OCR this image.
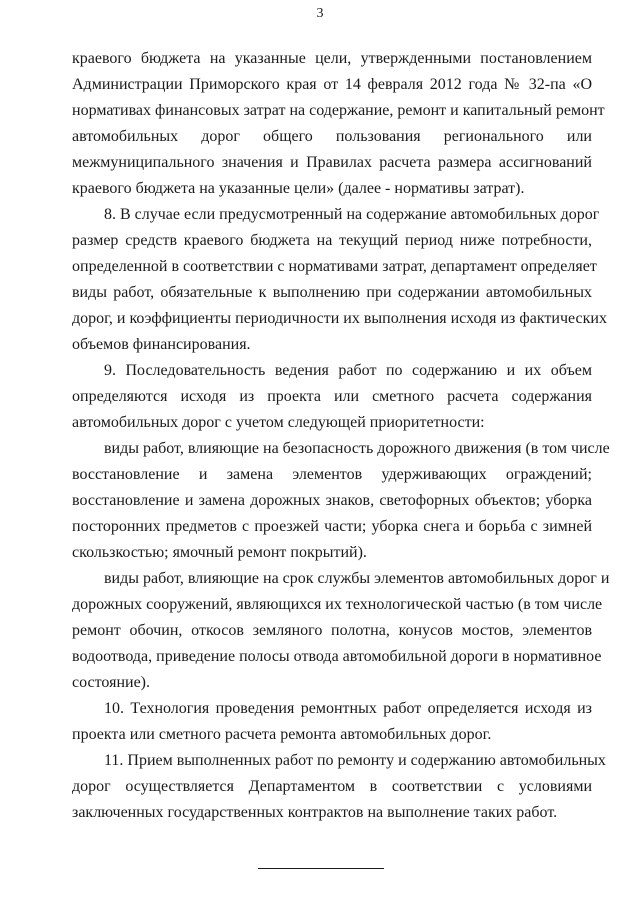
3
краевого бюджета на указанные цели, утвержденными постановлением
Администрации Приморского края от 14 февраля 2012 года № 32-па «О
нормативах финансовых затрат на содержание, ремонт и капитальный ремонт
автомобильных дорог общего пользования регионального или
межмуниципального значения и Правилах расчета размера ассигнований
краевого бюджета на указанные цели» (далее - нормативы затрат).
8. В случае если предусмотренный на содержание автомобильных дорог
размер средств краевого бюджета на текущий период ниже потребности,
определенной в соответствии с нормативами затрат, департамент определяет
виды работ, обязательные к выполнению при содержании автомобильных
дорог, и коэффициенты периодичности их выполнения исходя из фактических
объемов финансирования.
9. Последовательность ведения работ по содержанию и их объем
определяются исходя из проекта или сметного расчета содержания
автомобильных дорог с учетом следующей приоритетности:
виды работ, влияющие на безопасность дорожного движения (в том числе
восстановление и замена элементов удерживающих ограждений;
восстановление и замена дорожных знаков, светофорных объектов; уборка
посторонних предметов с проезжей части; уборка снега и борьба с зимней
скользкостью; ямочный ремонт покрытий).
виды работ, влияющие на срок службы элементов автомобильных дорог и
дорожных сооружений, являющихся их технологической частью (в том числе
ремонт обочин, откосов земляного полотна, конусов мостов, элементов
водоотвода, приведение полосы отвода автомобильной дороги в нормативное
состояние).
10. Технология проведения ремонтных работ определяется исходя из
проекта или сметного расчета ремонта автомобильных дорог.
11. Прием выполненных работ по ремонту и содержанию автомобильных
дорог осуществляется Департаментом в соответствии с условиями
заключенных государственных контрактов на выполнение таких работ.
